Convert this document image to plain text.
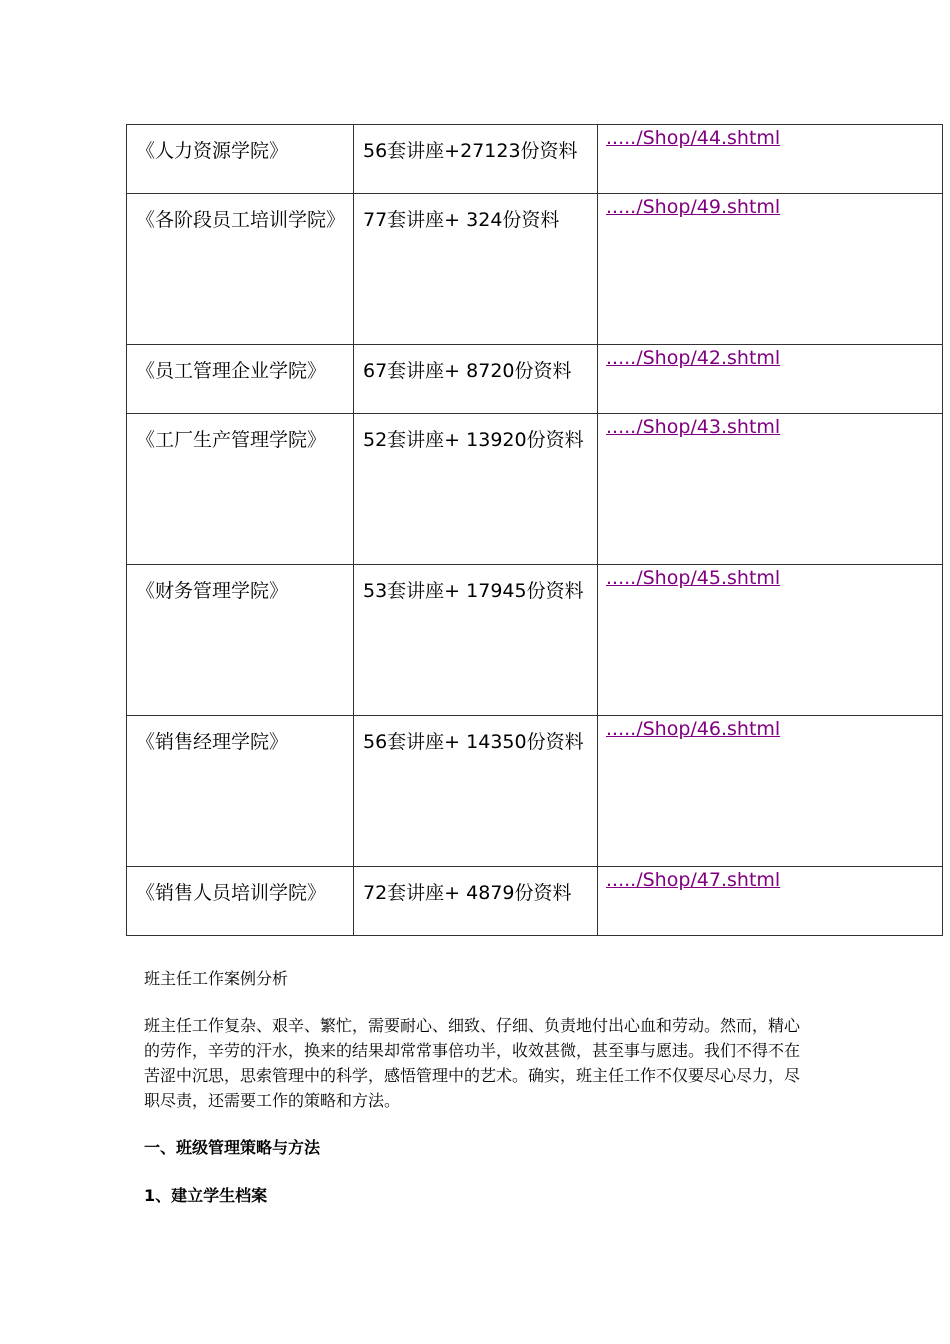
《人力资源学院》	56套讲座+27123份资料	...../Shop/44.shtml

《各阶段员工培训学院》	77套讲座+ 324份资料	...../Shop/49.shtml

《员工管理企业学院》	67套讲座+ 8720份资料	...../Shop/42.shtml

《工厂生产管理学院》	52套讲座+ 13920份资料	...../Shop/43.shtml

《财务管理学院》	53套讲座+ 17945份资料	...../Shop/45.shtml

《销售经理学院》	56套讲座+ 14350份资料	...../Shop/46.shtml

《销售人员培训学院》	72套讲座+ 4879份资料	...../Shop/47.shtml

班主任工作案例分析

班主任工作复杂、艰辛、繁忙，需要耐心、细致、仔细、负责地付出心血和劳动。然而，精心的劳作，辛劳的汗水，换来的结果却常常事倍功半，收效甚微，甚至事与愿违。我们不得不在苦涩中沉思，思索管理中的科学，感悟管理中的艺术。确实，班主任工作不仅要尽心尽力，尽职尽责，还需要工作的策略和方法。

一、班级管理策略与方法

1、建立学生档案
